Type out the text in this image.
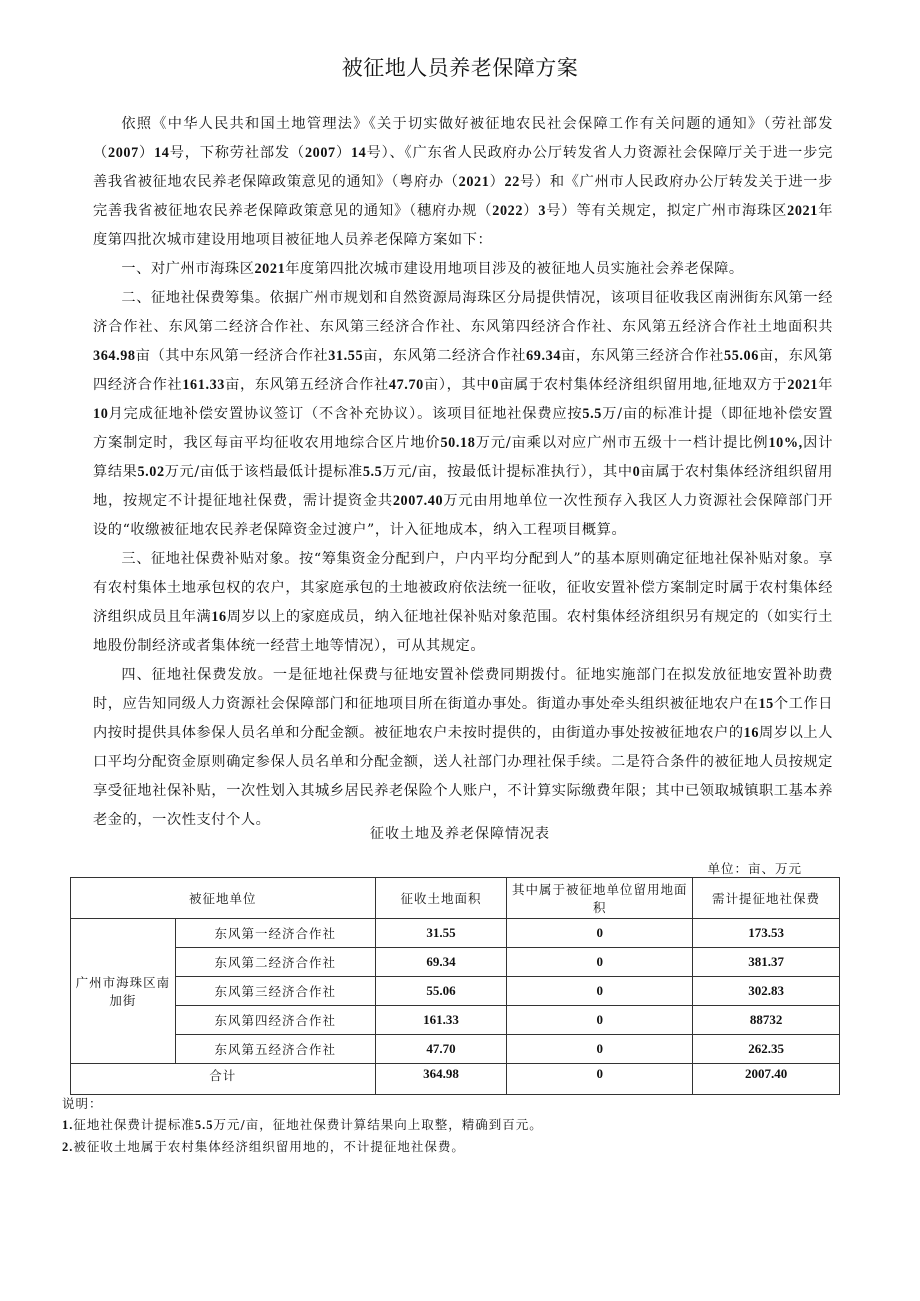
被征地人员养老保障方案

依照《中华人民共和国土地管理法》《关于切实做好被征地农民社会保障工作有关问题的通知》（劳社部发（2007）14号，下称劳社部发（2007）14号）、《广东省人民政府办公厅转发省人力资源社会保障厅关于进一步完善我省被征地农民养老保障政策意见的通知》（粤府办（2021）22号）和《广州市人民政府办公厅转发关于进一步完善我省被征地农民养老保障政策意见的通知》（穗府办规（2022）3号）等有关规定，拟定广州市海珠区2021年度第四批次城市建设用地项目被征地人员养老保障方案如下：

一、对广州市海珠区2021年度第四批次城市建设用地项目涉及的被征地人员实施社会养老保障。

二、征地社保费筹集。依据广州市规划和自然资源局海珠区分局提供情况，该项目征收我区南洲街东风第一经济合作社、东风第二经济合作社、东风第三经济合作社、东风第四经济合作社、东风第五经济合作社土地面积共364.98亩（其中东风第一经济合作社31.55亩，东风第二经济合作社69.34亩，东风第三经济合作社55.06亩，东风第四经济合作社161.33亩，东风第五经济合作社47.70亩），其中0亩属于农村集体经济组织留用地,征地双方于2021年10月完成征地补偿安置协议签订（不含补充协议）。该项目征地社保费应按5.5万/亩的标准计提（即征地补偿安置方案制定时，我区每亩平均征收农用地综合区片地价50.18万元/亩乘以对应广州市五级十一档计提比例10%,因计算结果5.02万元/亩低于该档最低计提标准5.5万元/亩，按最低计提标准执行），其中0亩属于农村集体经济组织留用地，按规定不计提征地社保费，需计提资金共2007.40万元由用地单位一次性预存入我区人力资源社会保障部门开设的“收缴被征地农民养老保障资金过渡户”，计入征地成本，纳入工程项目概算。

三、征地社保费补贴对象。按“筹集资金分配到户，户内平均分配到人”的基本原则确定征地社保补贴对象。享有农村集体土地承包权的农户，其家庭承包的土地被政府依法统一征收，征收安置补偿方案制定时属于农村集体经济组织成员且年满16周岁以上的家庭成员，纳入征地社保补贴对象范围。农村集体经济组织另有规定的（如实行土地股份制经济或者集体统一经营土地等情况），可从其规定。

四、征地社保费发放。一是征地社保费与征地安置补偿费同期拨付。征地实施部门在拟发放征地安置补助费时，应告知同级人力资源社会保障部门和征地项目所在街道办事处。街道办事处牵头组织被征地农户在15个工作日内按时提供具体参保人员名单和分配金额。被征地农户未按时提供的，由街道办事处按被征地农户的16周岁以上人口平均分配资金原则确定参保人员名单和分配金额，送人社部门办理社保手续。二是符合条件的被征地人员按规定享受征地社保补贴，一次性划入其城乡居民养老保险个人账户，不计算实际缴费年限；其中已领取城镇职工基本养老金的，一次性支付个人。

征收土地及养老保障情况表
单位：亩、万元
被征地单位		征收土地面积	其中属于被征地单位留用地面积	需计提征地社保费
广州市海珠区南加街	东风第一经济合作社	31.55	0	173.53
	东风第二经济合作社	69.34	0	381.37
	东风第三经济合作社	55.06	0	302.83
	东风第四经济合作社	161.33	0	88732
	东风第五经济合作社	47.70	0	262.35
合计		364.98	0	2007.40
说明：
1.征地社保费计提标准5.5万元/亩，征地社保费计算结果向上取整，精确到百元。
2.被征收土地属于农村集体经济组织留用地的，不计提征地社保费。
